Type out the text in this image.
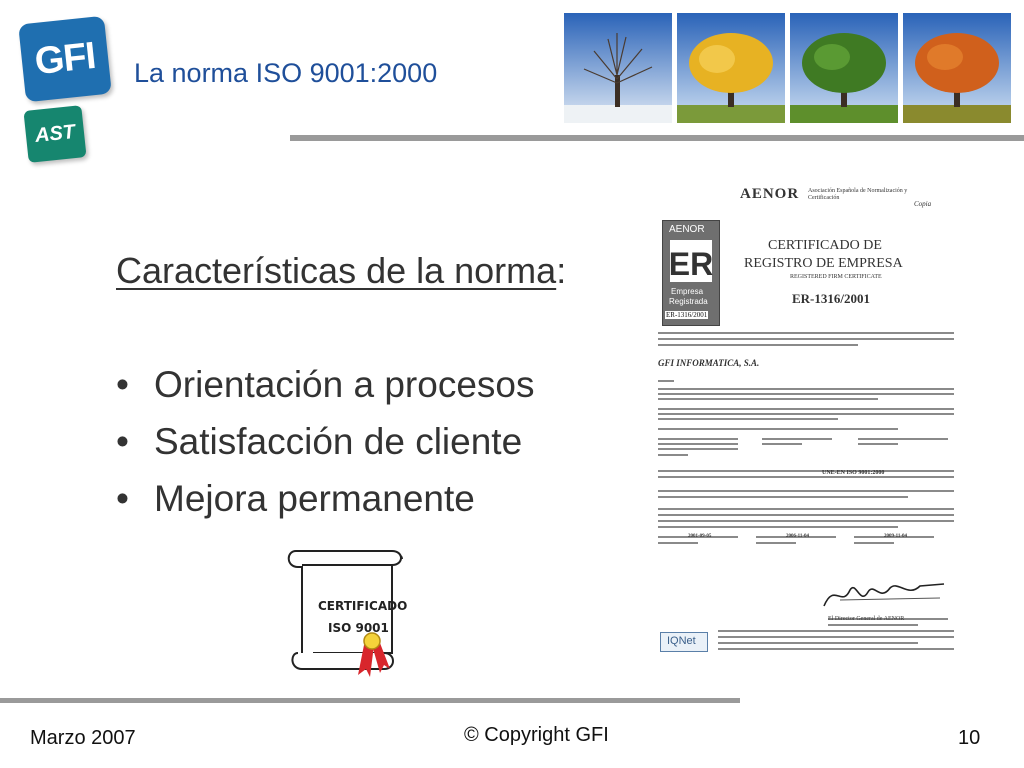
GFI
AST
La norma ISO 9001:2000
Características de la norma:
• Orientación a procesos
• Satisfacción de cliente
• Mejora permanente
CERTIFICADO
ISO 9001
AENOR Asociación Española de Normalización y Certificación
Copia
AENOR
ER
Empresa
Registrada
ER-1316/2001
CERTIFICADO DE
REGISTRO DE EMPRESA
REGISTERED FIRM CERTIFICATE
ER-1316/2001
GFI INFORMATICA, S.A.
UNE-EN ISO 9001:2000
2001-09-05	2006-11-04	2009-11-04
El Director General de AENOR
IQNet
Marzo 2007	© Copyright GFI	10
